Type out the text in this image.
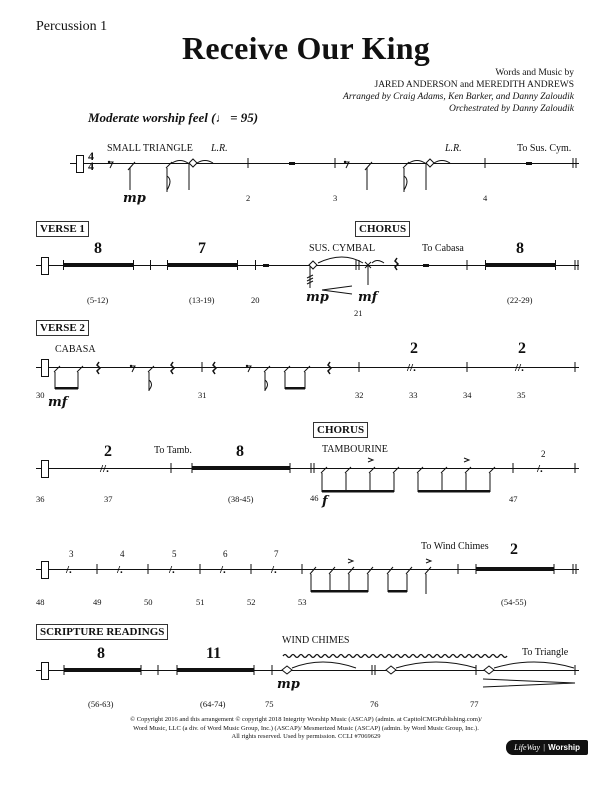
Percussion 1
Receive Our King
Words and Music by
JARED ANDERSON and MEREDITH ANDREWS
Arranged by Craig Adams, Ken Barker, and Danny Zaloudik
Orchestrated by Danny Zaloudik
Moderate worship feel (♩  = 95)
4
4
SMALL TRIANGLE L.R.	L.R.	To Sus. Cym.
mp	2	3	4
VERSE 1	CHORUS
8	7
(5-12)	(13-19)	20
SUS. CYMBAL	To Cabasa
mp mf
21
8
(22-29)
VERSE 2
CABASA
//.	//.
2	2
30 mf	31	32	33	34	35
2
//.	/.
To Tamb.	8
CHORUS
TAMBOURINE	2
36	37	(38-45)	46 f	47
3	4	5	6	7
/.	/.	/.	/.	/.
To Wind Chimes 2
48	49	50	51	52	53	(54-55)
SCRIPTURE READINGS
8	11
WIND CHIMES
To Triangle
mp
(56-63)	(64-74)	75	76	77
© Copyright 2016 and this arrangement © copyright 2018 Integrity Worship Music (ASCAP) (admin. at CapitolCMGPublishing.com)/
Word Music, LLC (a div. of Word Music Group, Inc.) (ASCAP)/ Mesmerized Music (ASCAP) (admin. by Word Music Group, Inc.).
All rights reserved. Used by permission. CCLI #7069629
LifeWay | Worship
